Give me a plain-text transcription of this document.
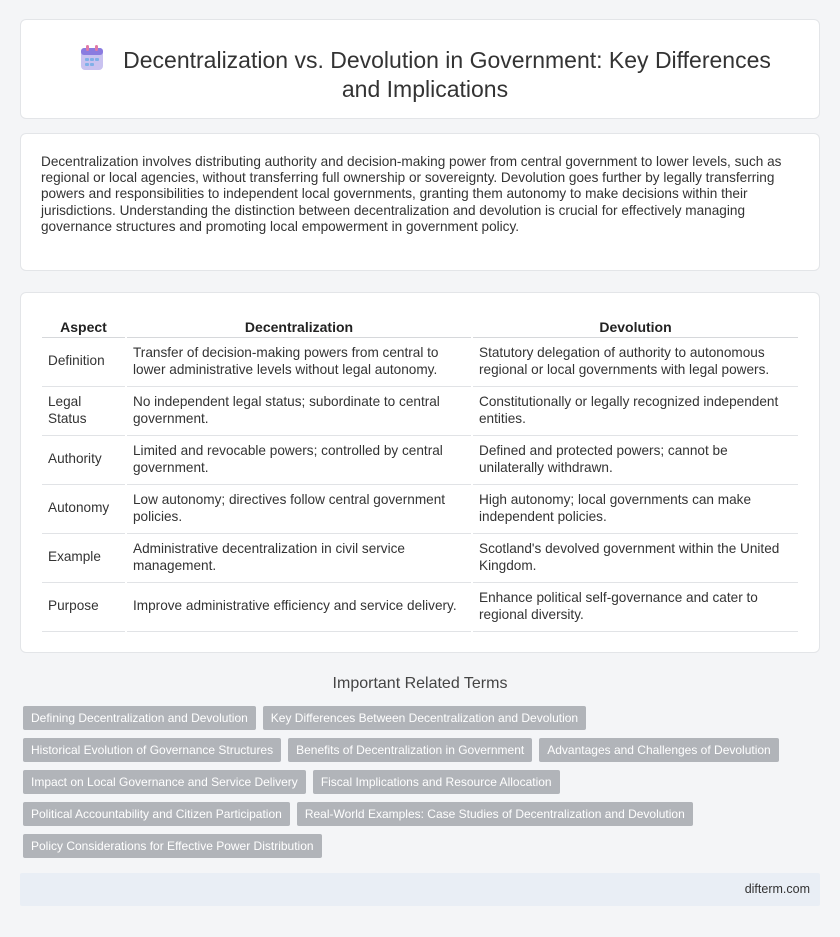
Decentralization vs. Devolution in Government: Key Differences and Implications

Decentralization involves distributing authority and decision-making power from central government to lower levels, such as regional or local agencies, without transferring full ownership or sovereignty. Devolution goes further by legally transferring powers and responsibilities to independent local governments, granting them autonomy to make decisions within their jurisdictions. Understanding the distinction between decentralization and devolution is crucial for effectively managing governance structures and promoting local empowerment in government policy.

Aspect	Decentralization	Devolution
Definition	Transfer of decision-making powers from central to lower administrative levels without legal autonomy.	Statutory delegation of authority to autonomous regional or local governments with legal powers.
Legal Status	No independent legal status; subordinate to central government.	Constitutionally or legally recognized independent entities.
Authority	Limited and revocable powers; controlled by central government.	Defined and protected powers; cannot be unilaterally withdrawn.
Autonomy	Low autonomy; directives follow central government policies.	High autonomy; local governments can make independent policies.
Example	Administrative decentralization in civil service management.	Scotland's devolved government within the United Kingdom.
Purpose	Improve administrative efficiency and service delivery.	Enhance political self-governance and cater to regional diversity.
Important Related Terms
Defining Decentralization and Devolution	Key Differences Between Decentralization and Devolution
Historical Evolution of Governance Structures	Benefits of Decentralization in Government	Advantages and Challenges of Devolution
Impact on Local Governance and Service Delivery	Fiscal Implications and Resource Allocation
Political Accountability and Citizen Participation	Real-World Examples: Case Studies of Decentralization and Devolution
Policy Considerations for Effective Power Distribution
difterm.com
